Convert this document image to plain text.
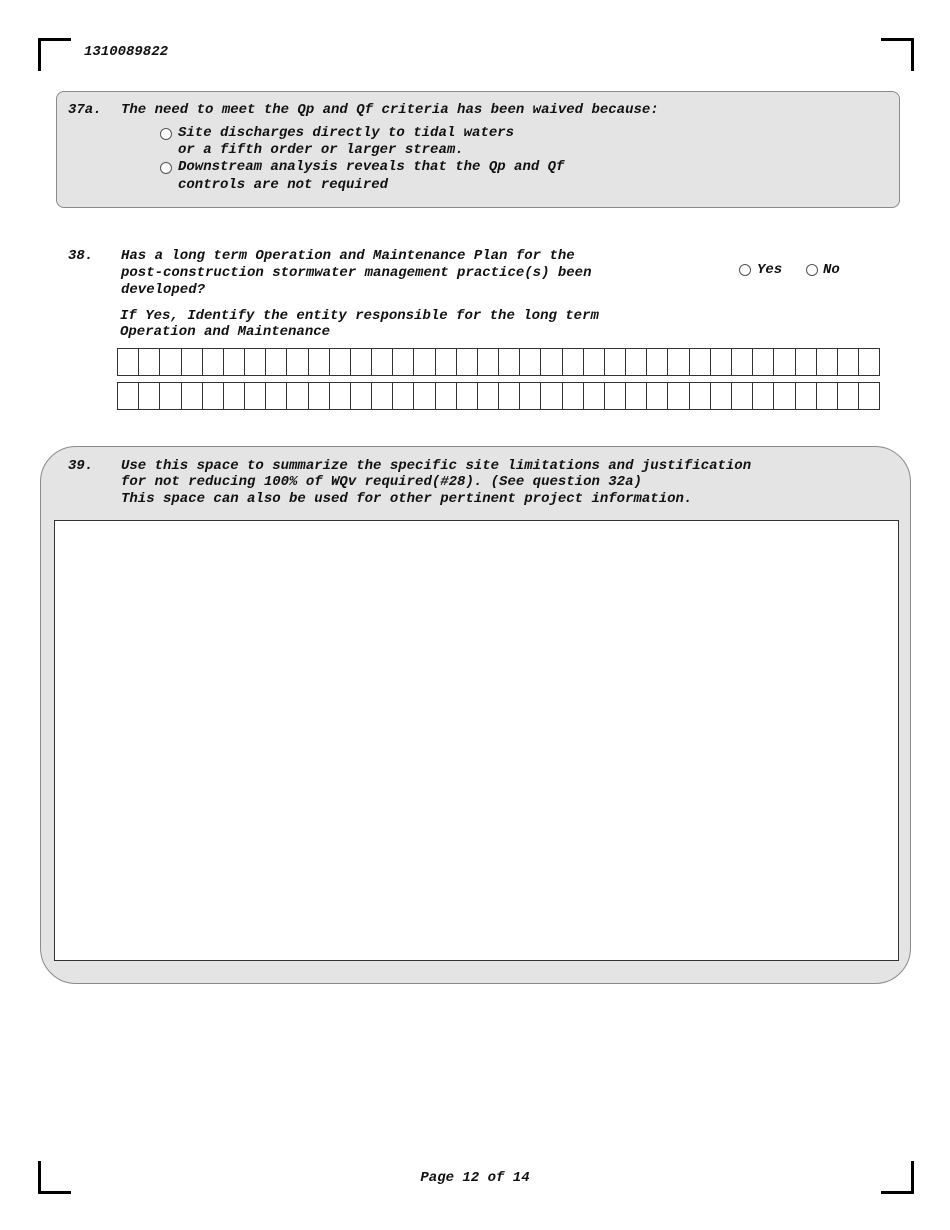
1310089822
37a. The need to meet the Qp and Qf criteria has been waived because:
Site discharges directly to tidal waters
or a fifth order or larger stream.
Downstream analysis reveals that the Qp and Qf
controls are not required
38. Has a long term Operation and Maintenance Plan for the
post-construction stormwater management practice(s) been
developed?
Yes	No
If Yes, Identify the entity responsible for the long term
Operation and Maintenance
39. Use this space to summarize the specific site limitations and justification
for not reducing 100% of WQv required(#28). (See question 32a)
This space can also be used for other pertinent project information.
Page 12 of 14
